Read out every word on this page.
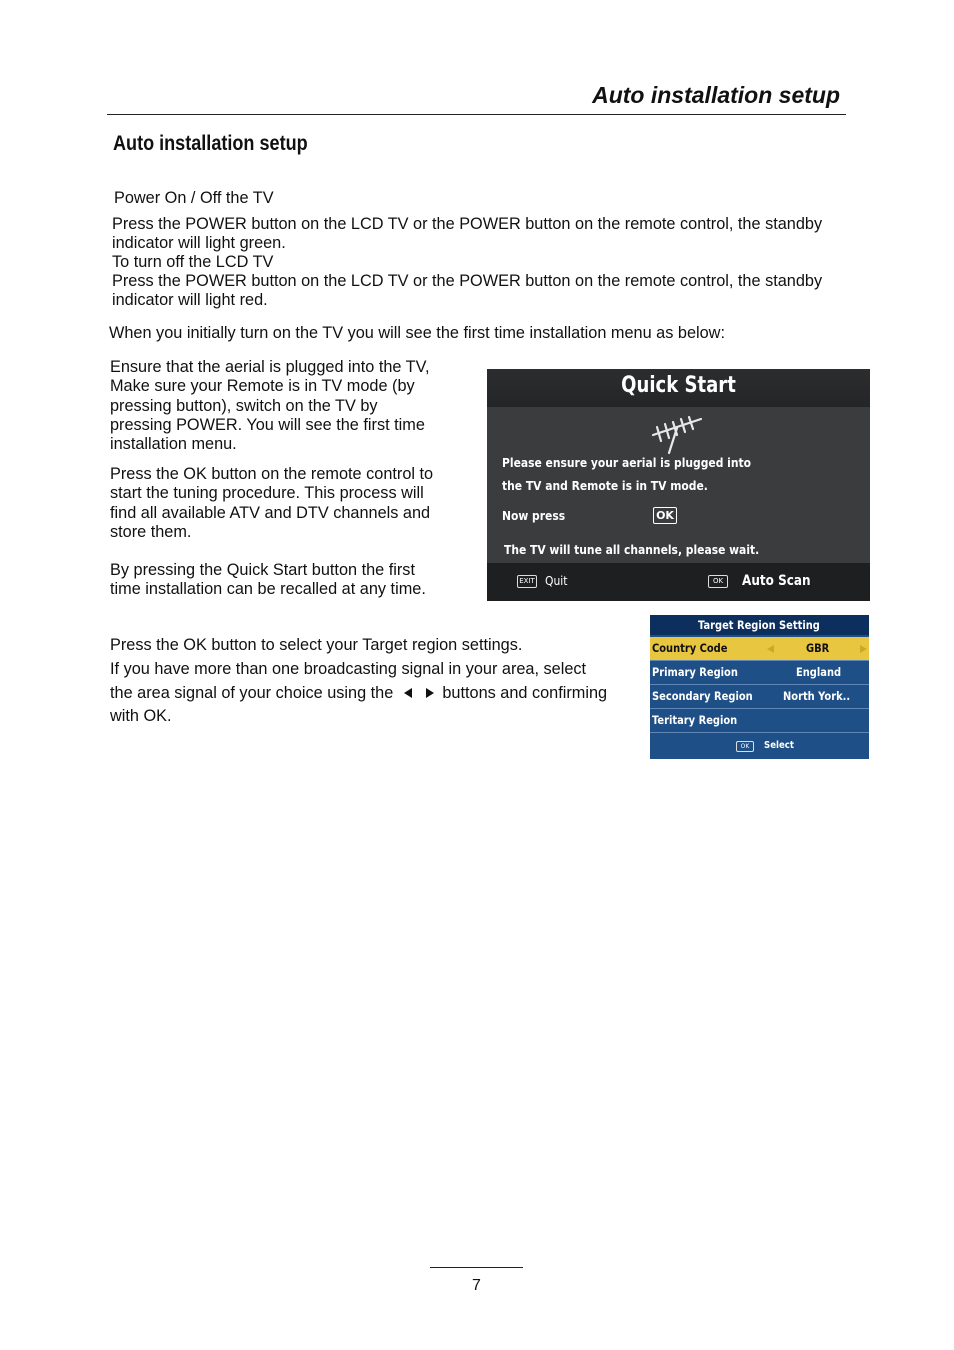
Auto installation setup
Auto installation setup
Power On / Off the TV
Press the POWER button on the LCD TV or the POWER button on the remote control, the standby
indicator will light green.
To turn off the LCD TV
Press the POWER button on the LCD TV or the POWER button on the remote control, the standby
indicator will light red.
When you initially turn on the TV you will see the first time installation menu as below:
Ensure that the aerial is plugged into the TV,
Make sure your Remote is in TV mode (by
pressing button), switch on the TV by
pressing POWER. You will see the first time
installation menu.
Press the OK button on the remote control to
start the tuning procedure. This process will
find all available ATV and DTV channels and
store them.
By pressing the Quick Start button the first
time installation can be recalled at any time.
Quick Start
Please ensure your aerial is plugged into
the TV and Remote is in TV mode.
Now press	OK
The TV will tune all channels, please wait.
EXIT Quit	OK	Auto Scan
Press the OK button to select your Target region settings.
If you have more than one broadcasting signal in your area, select
the area signal of your choice using the	buttons and confirming
with OK.
Target Region Setting
Country Code	GBR
Primary Region	England
Secondary Region	North York..
Teritary Region
OK	Select
7
